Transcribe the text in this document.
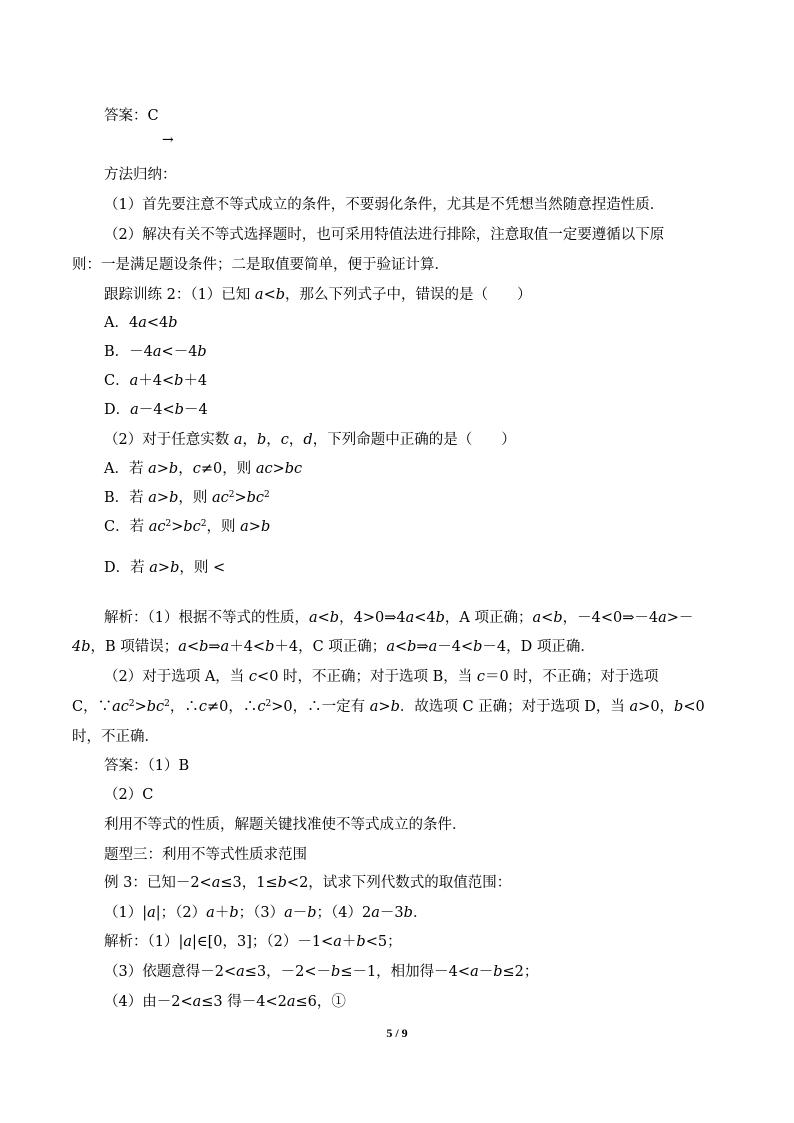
答案：C
→
方法归纳：
（1）首先要注意不等式成立的条件，不要弱化条件，尤其是不凭想当然随意捏造性质．
（2）解决有关不等式选择题时，也可采用特值法进行排除，注意取值一定要遵循以下原
则：一是满足题设条件；二是取值要简单，便于验证计算．
跟踪训练 2：（1）已知 a<b，那么下列式子中，错误的是（　　）
A．4a<4b
B．－4a<－4b
C．a＋4<b＋4
D．a－4<b－4
（2）对于任意实数 a，b，c，d，下列命题中正确的是（　　）
A．若 a>b，c≠0，则 ac>bc
B．若 a>b，则 $ac^2>bc^2$
C．若 $ac^2>bc^2$，则 a>b
D．若 a>b，则 <
解析：（1）根据不等式的性质，a<b，4>0⇒4a<4b，A 项正确；a<b，－4<0⇒－4a>－
4b，B 项错误；a<b⇒a＋4<b＋4，C 项正确；a<b⇒a－4<b－4，D 项正确．
（2）对于选项 A，当 c<0 时，不正确；对于选项 B，当 c＝0 时，不正确；对于选项
C，$\because ac^2>bc^2$，∴c≠0，$\therefore c^2>0$，∴一定有 a>b．故选项 C 正确；对于选项 D，当 a>0，b<0
时，不正确．
答案：（1）B
（2）C
利用不等式的性质，解题关键找准使不等式成立的条件．
题型三：利用不等式性质求范围
例 3：已知－2<a≤3，1≤b<2，试求下列代数式的取值范围：
（1）|a|；（2）a＋b；（3）a－b；（4）2a－3b．
解析：（1）|a|∈[0，3]；（2）－1<a＋b<5；
（3）依题意得－2<a≤3，－2<－b≤－1，相加得－4<a－b≤2；
（4）由－2<a≤3 得－4<2a≤6，①
5 / 9
